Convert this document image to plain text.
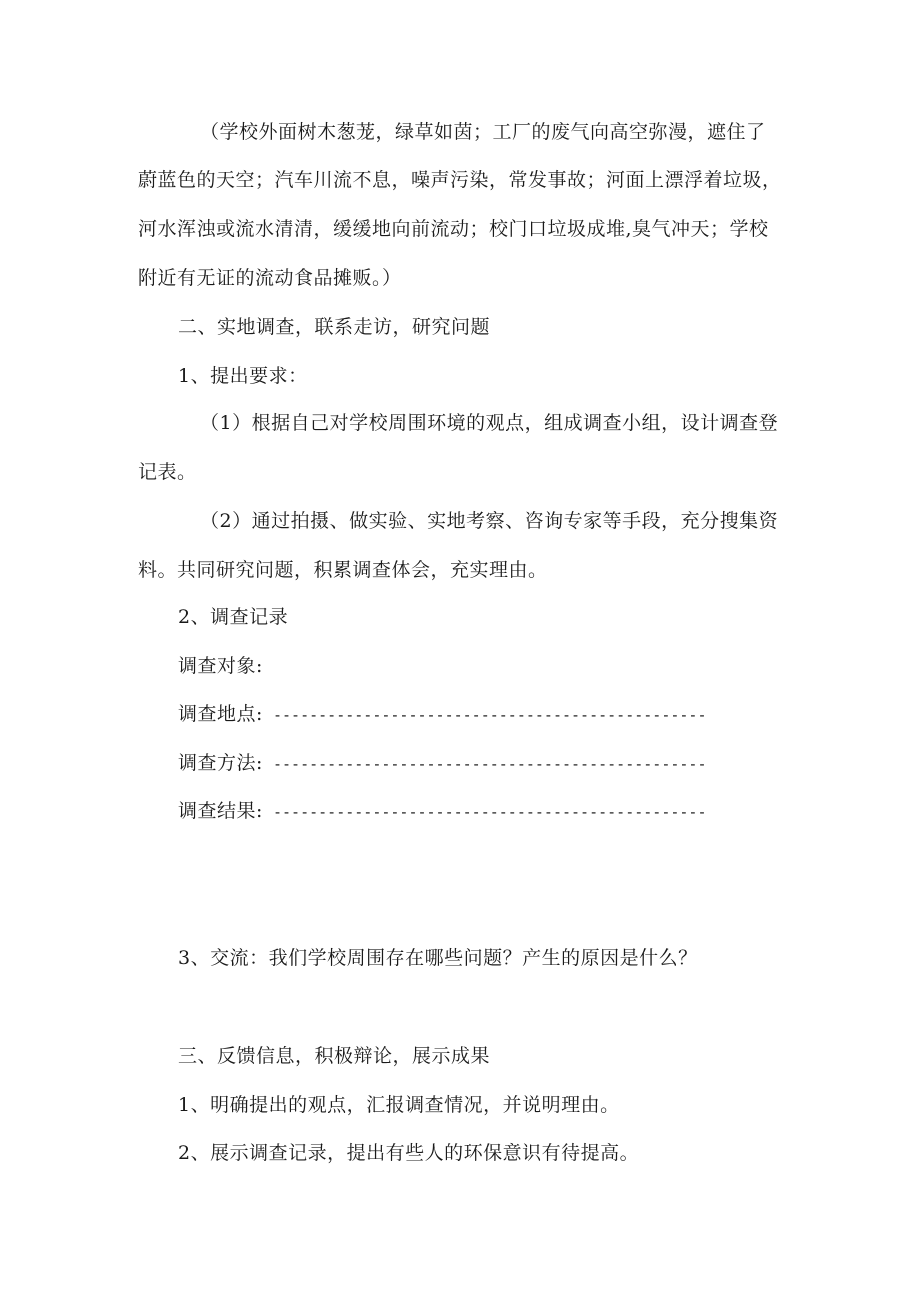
（学校外面树木葱茏，绿草如茵；工厂的废气向高空弥漫，遮住了
蔚蓝色的天空；汽车川流不息，噪声污染，常发事故；河面上漂浮着垃圾，
河水浑浊或流水清清，缓缓地向前流动；校门口垃圾成堆,臭气冲天；学校
附近有无证的流动食品摊贩。）
二、实地调查，联系走访，研究问题
1、提出要求：
（1）根据自己对学校周围环境的观点，组成调查小组，设计调查登
记表。
（2）通过拍摄、做实验、实地考察、咨询专家等手段，充分搜集资
料。共同研究问题，积累调查体会，充实理由。
2、调查记录
调查对象:
调查地点: ------------------------------------------------
调查方法: ------------------------------------------------
调查结果: ------------------------------------------------
3、交流：我们学校周围存在哪些问题？产生的原因是什么？
三、反馈信息，积极辩论，展示成果
1、明确提出的观点，汇报调查情况，并说明理由。
2、展示调查记录，提出有些人的环保意识有待提高。
